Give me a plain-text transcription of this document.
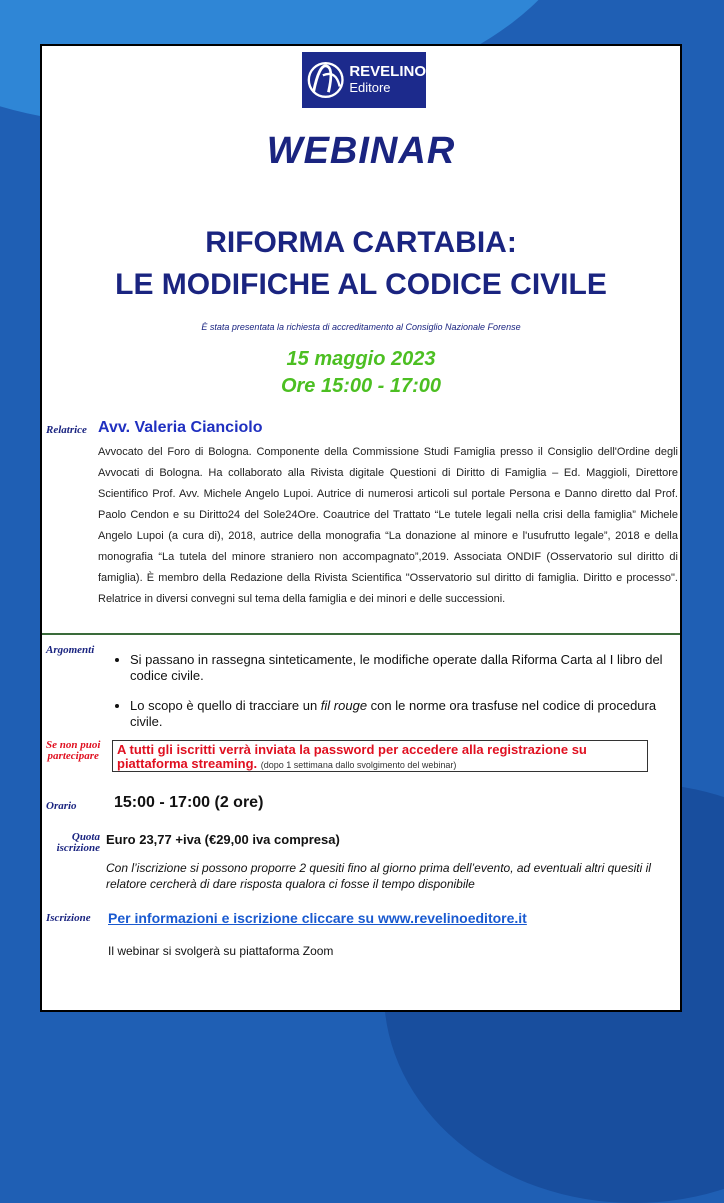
REVELINO
Editore
WEBINAR
RIFORMA CARTABIA:
LE MODIFICHE AL CODICE CIVILE
È stata presentata la richiesta di accreditamento al Consiglio Nazionale Forense
15 maggio 2023
Ore 15:00 - 17:00
Relatrice Avv. Valeria Cianciolo
Avvocato del Foro di Bologna. Componente della Commissione Studi Famiglia presso il Consiglio dell'Ordine degli Avvocati di Bologna. Ha collaborato alla Rivista digitale Questioni di Diritto di Famiglia – Ed. Maggioli, Direttore Scientifico Prof. Avv. Michele Angelo Lupoi. Autrice di numerosi articoli sul portale Persona e Danno diretto dal Prof. Paolo Cendon e su Diritto24 del Sole24Ore. Coautrice del Trattato “Le tutele legali nella crisi della famiglia” Michele Angelo Lupoi (a cura di), 2018, autrice della monografia “La donazione al minore e l'usufrutto legale”, 2018 e della monografia “La tutela del minore straniero non accompagnato”,2019. Associata ONDIF (Osservatorio sul diritto di famiglia). È membro della Redazione della Rivista Scientifica "Osservatorio sul diritto di famiglia. Diritto e processo". Relatrice in diversi convegni sul tema della famiglia e dei minori e delle successioni.
Argomenti
• Si passano in rassegna sinteticamente, le modifiche operate dalla Riforma Carta al I libro del codice civile.
• Lo scopo è quello di tracciare un fil rouge con le norme ora trasfuse nel codice di procedura civile.
Se non puoi
partecipare	A tutti gli iscritti verrà inviata la password per accedere alla registrazione su piattaforma streaming. (dopo 1 settimana dallo svolgimento del webinar)
Orario 15:00 - 17:00 (2 ore)
Quota
iscrizione
Euro 23,77 +iva (€29,00 iva compresa)
Con l’iscrizione si possono proporre 2 quesiti fino al giorno prima dell’evento, ad eventuali altri quesiti il relatore cercherà di dare risposta qualora ci fosse il tempo disponibile
Iscrizione Per informazioni e iscrizione cliccare su www.revelinoeditore.it
Il webinar si svolgerà su piattaforma Zoom
